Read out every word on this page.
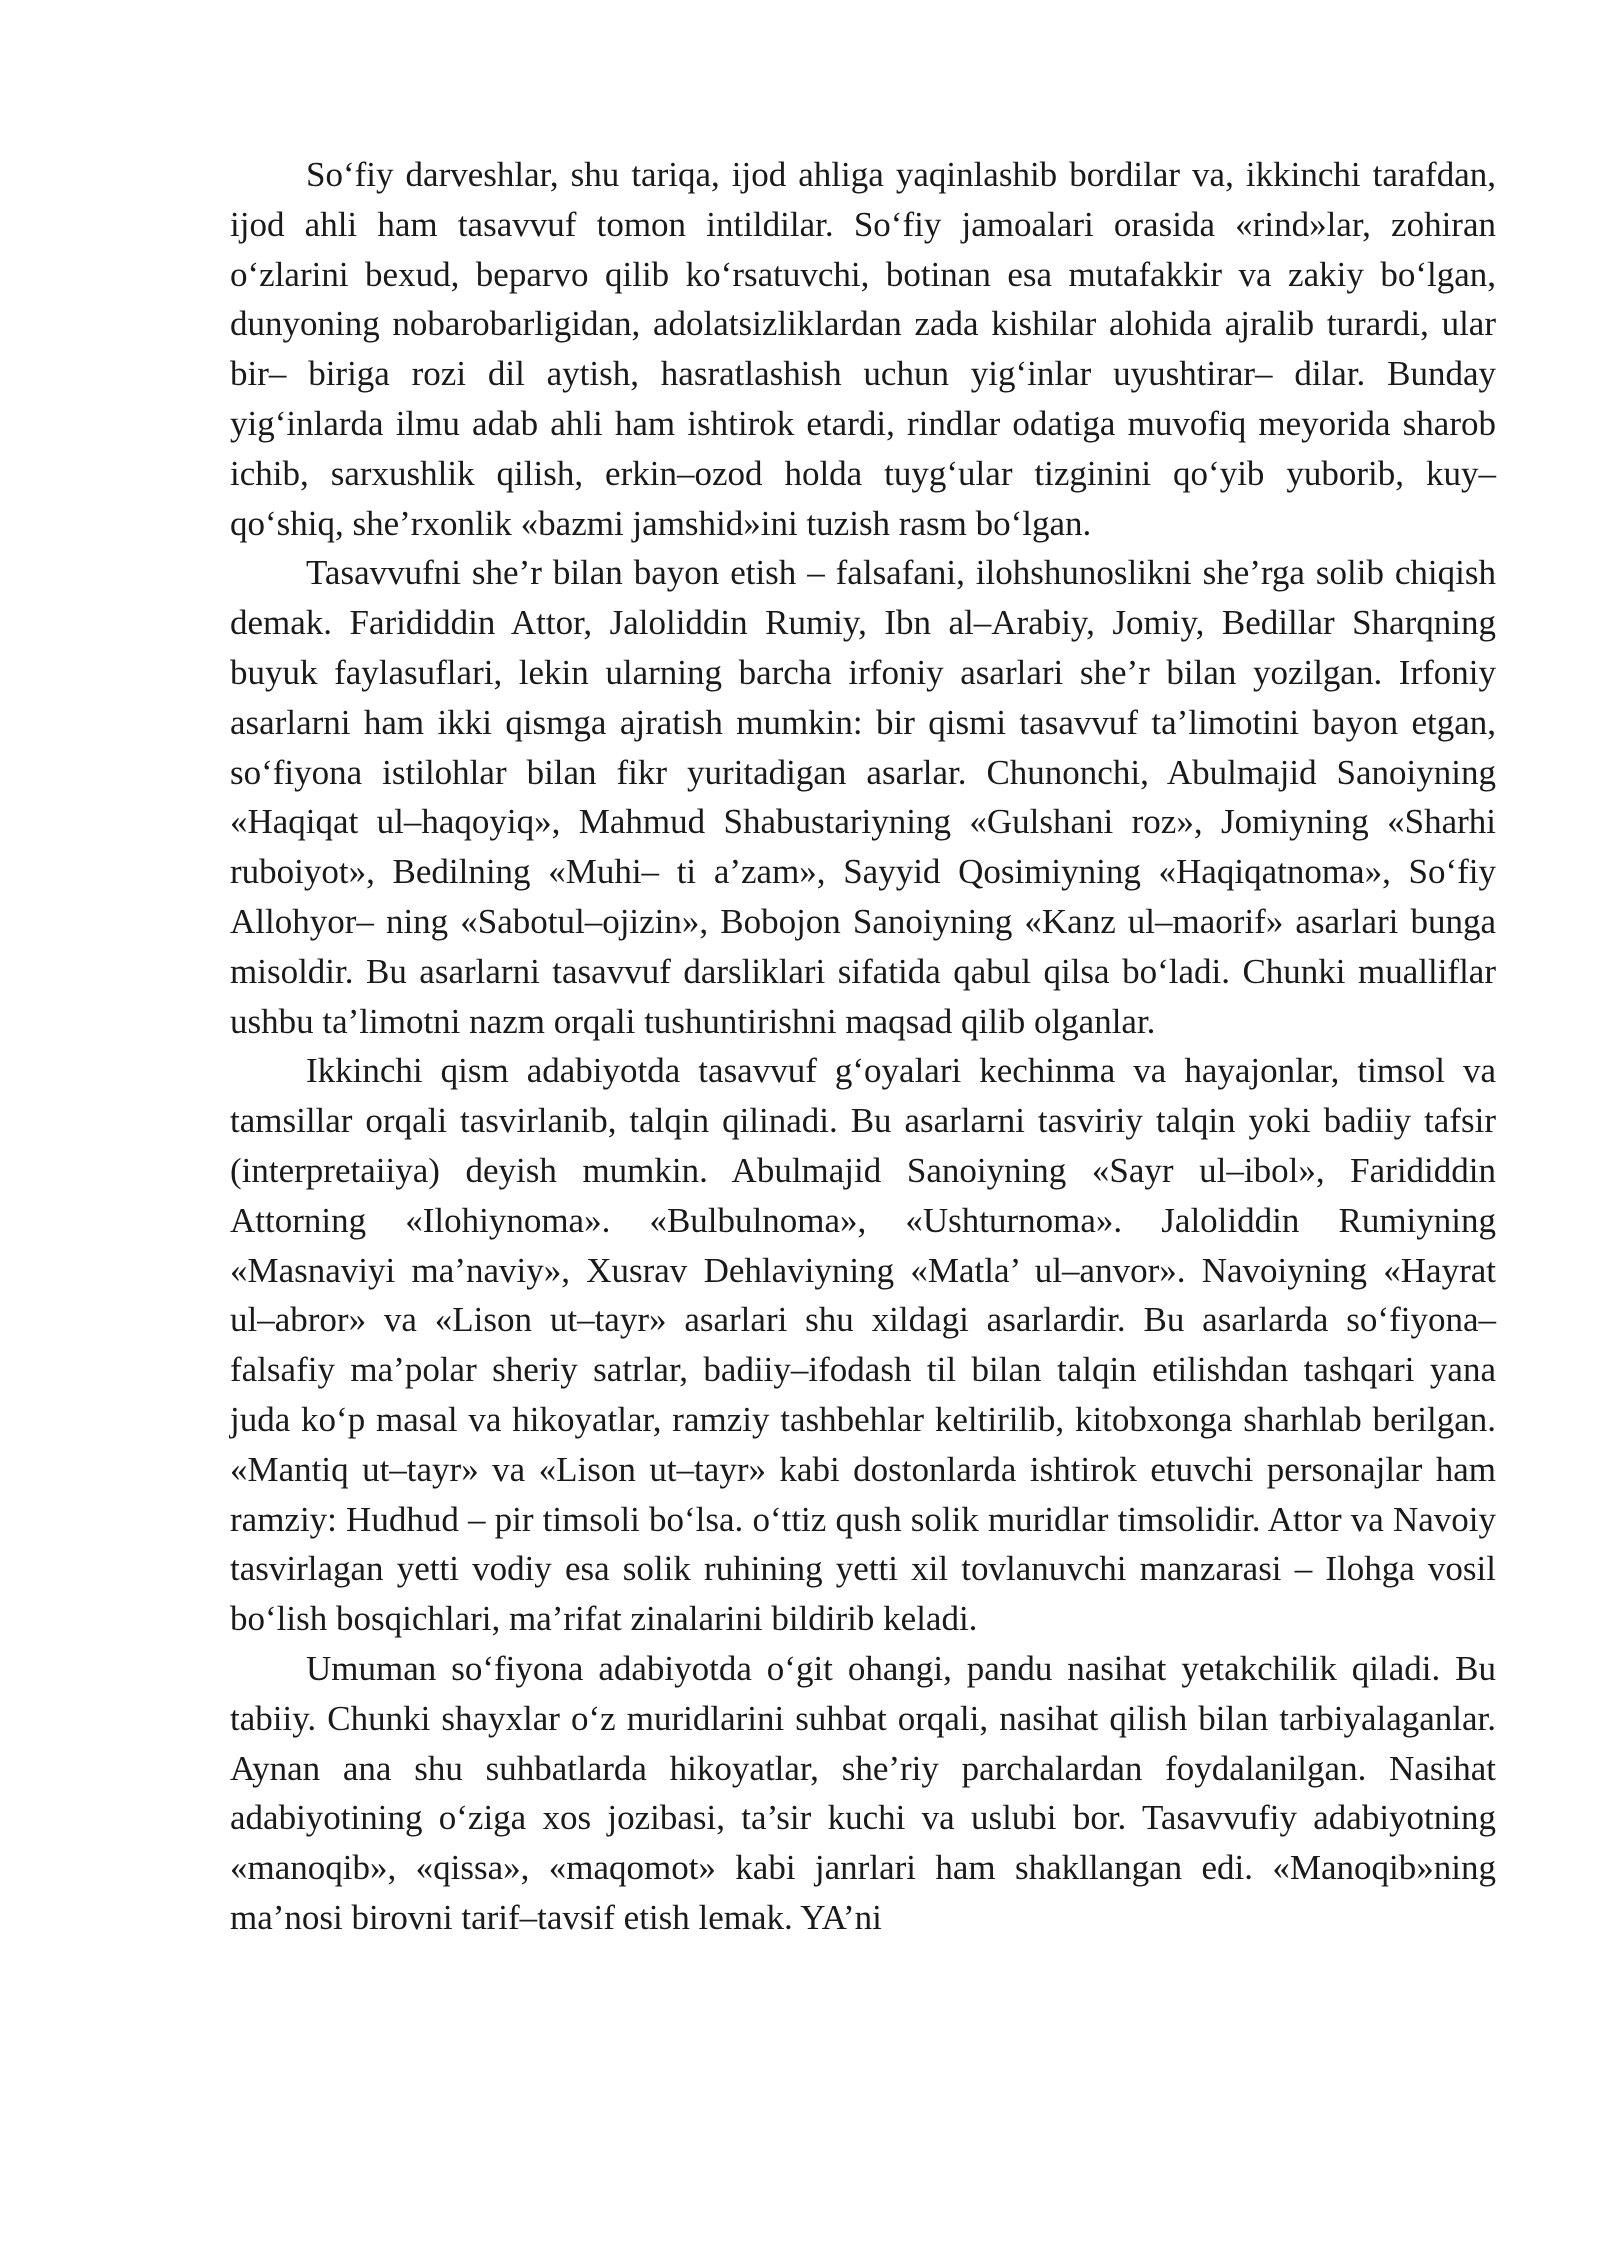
So‘fiy darveshlar, shu tariqa, ijod ahliga yaqinlashib bordilar va, ikkinchi tarafdan, ijod ahli ham tasavvuf tomon intildilar. So‘fiy jamoalari orasida «rind»lar, zohiran o‘zlarini bexud, beparvo qilib ko‘rsatuvchi, botinan esa mutafakkir va zakiy bo‘lgan, dunyoning nobarobarligidan, adolatsizliklardan zada kishilar alohida ajralib turardi, ular bir– biriga rozi dil aytish, hasratlashish uchun yig‘inlar uyushtirar– dilar. Bunday yig‘inlarda ilmu adab ahli ham ishtirok etardi, rindlar odatiga muvofiq meyorida sharob ichib, sarxushlik qilish, erkin–ozod holda tuyg‘ular tizginini qo‘yib yuborib, kuy– qo‘shiq, she’rxonlik «bazmi jamshid»ini tuzish rasm bo‘lgan.

Tasavvufni she’r bilan bayon etish – falsafani, ilohshunoslikni she’rga solib chiqish demak. Farididdin Attor, Jaloliddin Rumiy, Ibn al–Arabiy, Jomiy, Bedillar Sharqning buyuk faylasuflari, lekin ularning barcha irfoniy asarlari she’r bilan yozilgan. Irfoniy asarlarni ham ikki qismga ajratish mumkin: bir qismi tasavvuf ta’limotini bayon etgan, so‘fiyona istilohlar bilan fikr yuritadigan asarlar. Chunonchi, Abulmajid Sanoiyning «Haqiqat ul–haqoyiq», Mahmud Shabustariyning «Gulshani roz», Jomiyning «Sharhi ruboiyot», Bedilning «Muhi– ti a’zam», Sayyid Qosimiyning «Haqiqatnoma», So‘fiy Allohyor– ning «Sabotul–ojizin», Bobojon Sanoiyning «Kanz ul–maorif» asarlari bunga misoldir. Bu asarlarni tasavvuf darsliklari sifatida qabul qilsa bo‘ladi. Chunki mualliflar ushbu ta’limotni nazm orqali tushuntirishni maqsad qilib olganlar.

Ikkinchi qism adabiyotda tasavvuf g‘oyalari kechinma va hayajonlar, timsol va tamsillar orqali tasvirlanib, talqin qilinadi. Bu asarlarni tasviriy talqin yoki badiiy tafsir (interpretaiiya) deyish mumkin. Abulmajid Sanoiyning «Sayr ul–ibol», Farididdin Attorning «Ilohiynoma». «Bulbulnoma», «Ushturnoma». Jaloliddin Rumiyning «Masnaviyi ma’naviy», Xusrav Dehlaviyning «Matla’ ul–anvor». Navoiyning «Hayrat ul–abror» va «Lison ut–tayr» asarlari shu xildagi asarlardir. Bu asarlarda so‘fiyona–falsafiy ma’polar sheriy satrlar, badiiy–ifodash til bilan talqin etilishdan tashqari yana juda ko‘p masal va hikoyatlar, ramziy tashbehlar keltirilib, kitobxonga sharhlab berilgan. «Mantiq ut–tayr» va «Lison ut–tayr» kabi dostonlarda ishtirok etuvchi personajlar ham ramziy: Hudhud – pir timsoli bo‘lsa. o‘ttiz qush solik muridlar timsolidir. Attor va Navoiy tasvirlagan yetti vodiy esa solik ruhining yetti xil tovlanuvchi manzarasi – Ilohga vosil bo‘lish bosqichlari, ma’rifat zinalarini bildirib keladi.

Umuman so‘fiyona adabiyotda o‘git ohangi, pandu nasihat yetakchilik qiladi. Bu tabiiy. Chunki shayxlar o‘z muridlarini suhbat orqali, nasihat qilish bilan tarbiyalaganlar. Aynan ana shu suhbatlarda hikoyatlar, she’riy parchalardan foydalanilgan. Nasihat adabiyotining o‘ziga xos jozibasi, ta’sir kuchi va uslubi bor. Tasavvufiy adabiyotning «manoqib», «qissa», «maqomot» kabi janrlari ham shakllangan edi. «Manoqib»ning ma’nosi birovni tarif–tavsif etish lemak. YA’ni
